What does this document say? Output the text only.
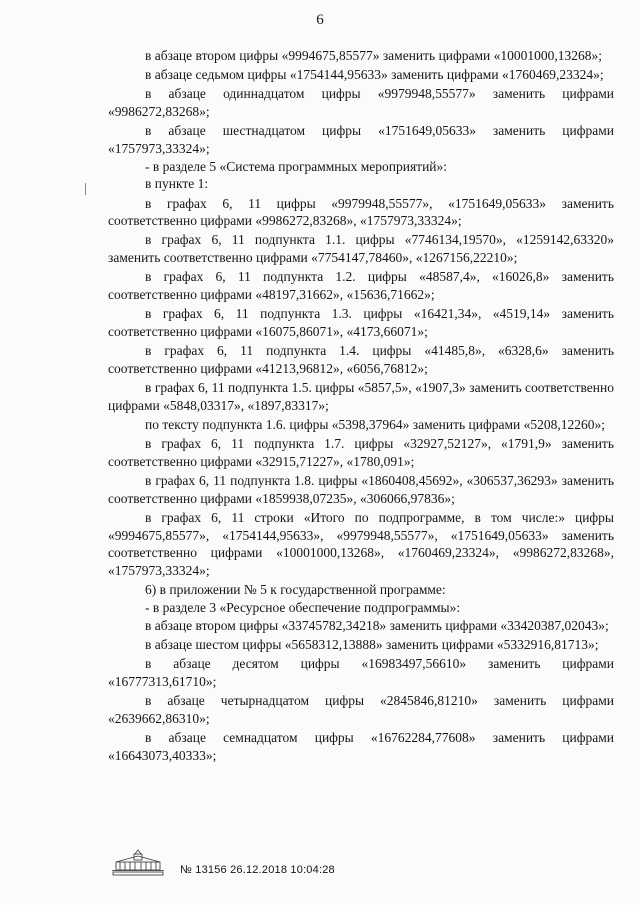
6

в абзаце втором цифры «9994675,85577» заменить цифрами «10001000,13268»;

в абзаце седьмом цифры «1754144,95633» заменить цифрами «1760469,23324»;

в абзаце одиннадцатом цифры «9979948,55577» заменить цифрами «9986272,83268»;

в абзаце шестнадцатом цифры «1751649,05633» заменить цифрами «1757973,33324»;

- в разделе 5 «Система программных мероприятий»:

в пункте 1:

в графах 6, 11 цифры «9979948,55577», «1751649,05633» заменить соответственно цифрами «9986272,83268», «1757973,33324»;

в графах 6, 11 подпункта 1.1. цифры «7746134,19570», «1259142,63320» заменить соответственно цифрами «7754147,78460», «1267156,22210»;

в графах 6, 11 подпункта 1.2. цифры «48587,4», «16026,8» заменить соответственно цифрами «48197,31662», «15636,71662»;

в графах 6, 11 подпункта 1.3. цифры «16421,34», «4519,14» заменить соответственно цифрами «16075,86071», «4173,66071»;

в графах 6, 11 подпункта 1.4. цифры «41485,8», «6328,6» заменить соответственно цифрами «41213,96812», «6056,76812»;

в графах 6, 11 подпункта 1.5. цифры «5857,5», «1907,3» заменить соответственно цифрами «5848,03317», «1897,83317»;

по тексту подпункта 1.6. цифры «5398,37964» заменить цифрами «5208,12260»;

в графах 6, 11 подпункта 1.7. цифры «32927,52127», «1791,9» заменить соответственно цифрами «32915,71227», «1780,091»;

в графах 6, 11 подпункта 1.8. цифры «1860408,45692», «306537,36293» заменить соответственно цифрами «1859938,07235», «306066,97836»;

в графах 6, 11 строки «Итого по подпрограмме, в том числе:» цифры «9994675,85577», «1754144,95633», «9979948,55577», «1751649,05633» заменить соответственно цифрами «10001000,13268», «1760469,23324», «9986272,83268», «1757973,33324»;

6) в приложении № 5 к государственной программе:

- в разделе 3 «Ресурсное обеспечение подпрограммы»:

в абзаце втором цифры «33745782,34218» заменить цифрами «33420387,02043»;

в абзаце шестом цифры «5658312,13888» заменить цифрами «5332916,81713»;

в абзаце десятом цифры «16983497,56610» заменить цифрами «16777313,61710»;

в абзаце четырнадцатом цифры «2845846,81210» заменить цифрами «2639662,86310»;

в абзаце семнадцатом цифры «16762284,77608» заменить цифрами «16643073,40333»;

№ 13156 26.12.2018 10:04:28
